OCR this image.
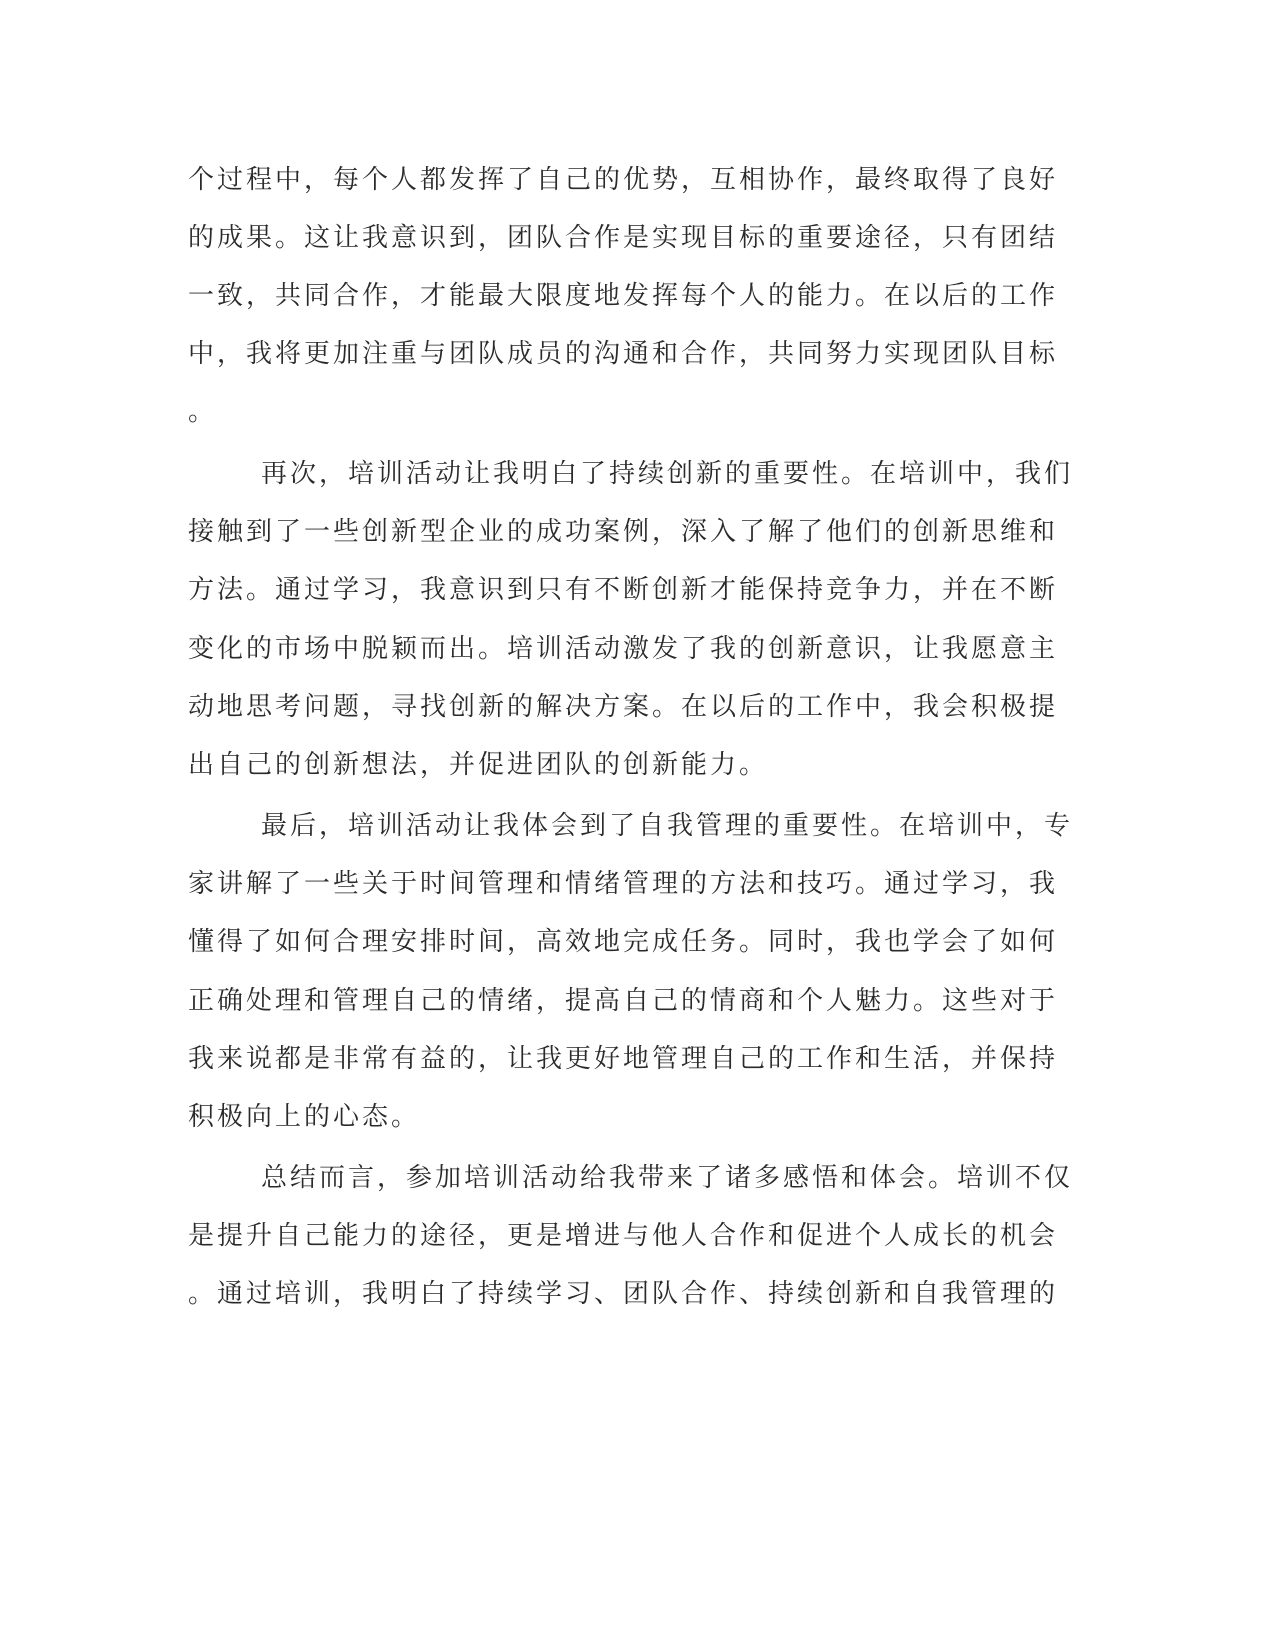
个过程中，每个人都发挥了自己的优势，互相协作，最终取得了良好

的成果。这让我意识到，团队合作是实现目标的重要途径，只有团结

一致，共同合作，才能最大限度地发挥每个人的能力。在以后的工作

中，我将更加注重与团队成员的沟通和合作，共同努力实现团队目标

。

再次，培训活动让我明白了持续创新的重要性。在培训中，我们

接触到了一些创新型企业的成功案例，深入了解了他们的创新思维和

方法。通过学习，我意识到只有不断创新才能保持竞争力，并在不断

变化的市场中脱颖而出。培训活动激发了我的创新意识，让我愿意主

动地思考问题，寻找创新的解决方案。在以后的工作中，我会积极提

出自己的创新想法，并促进团队的创新能力。

最后，培训活动让我体会到了自我管理的重要性。在培训中，专

家讲解了一些关于时间管理和情绪管理的方法和技巧。通过学习，我

懂得了如何合理安排时间，高效地完成任务。同时，我也学会了如何

正确处理和管理自己的情绪，提高自己的情商和个人魅力。这些对于

我来说都是非常有益的，让我更好地管理自己的工作和生活，并保持

积极向上的心态。

总结而言，参加培训活动给我带来了诸多感悟和体会。培训不仅

是提升自己能力的途径，更是增进与他人合作和促进个人成长的机会

。通过培训，我明白了持续学习、团队合作、持续创新和自我管理的
